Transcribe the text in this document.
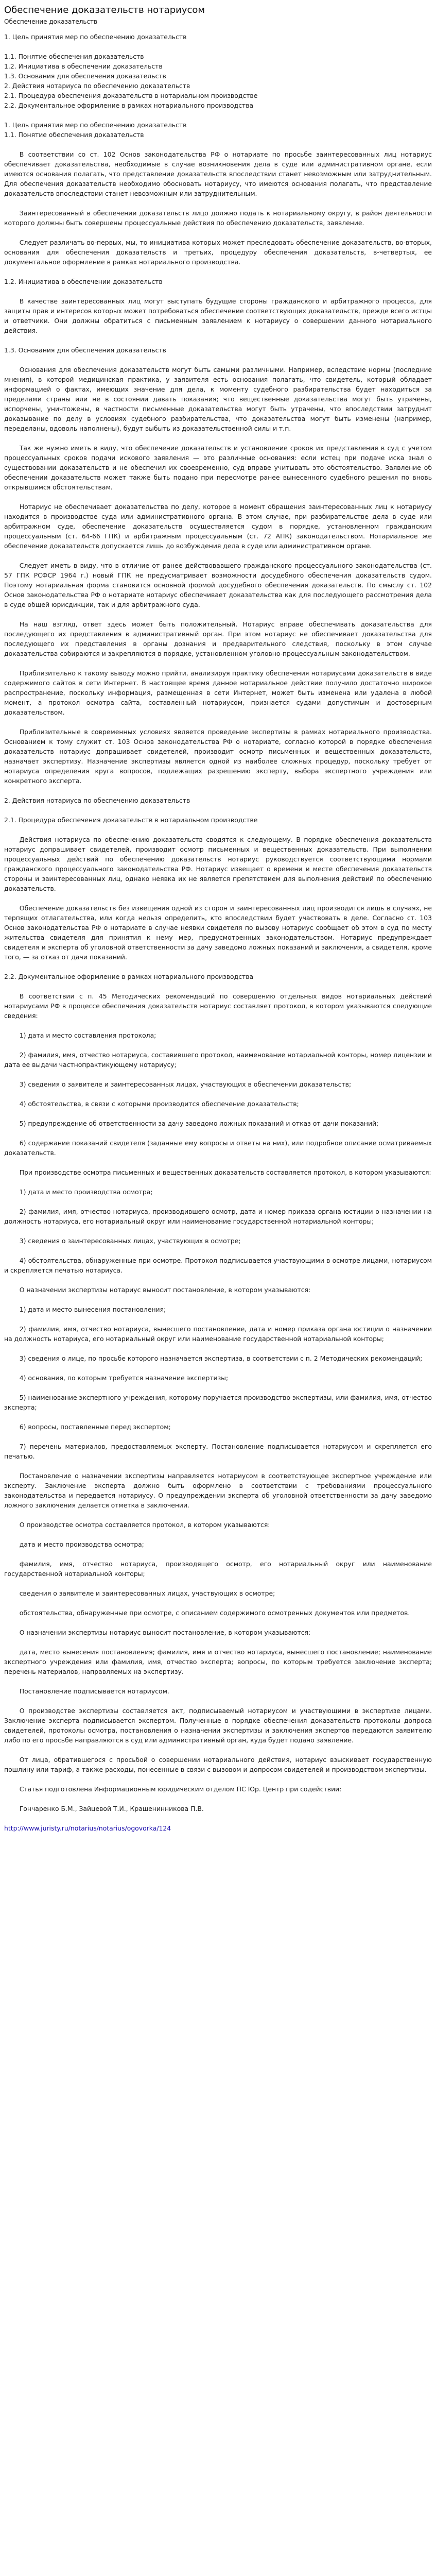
Обеспечение доказательств нотариусом
Обеспечение доказательств
1. Цель принятия мер по обеспечению доказательств
1.1. Понятие обеспечения доказательств
1.2. Инициатива в обеспечении доказательств
1.3. Основания для обеспечения доказательств
2. Действия нотариуса по обеспечению доказательств
2.1. Процедура обеспечения доказательств в нотариальном производстве
2.2. Документальное оформление в рамках нотариального производства
1. Цель принятия мер по обеспечению доказательств
1.1. Понятие обеспечения доказательств
В соответствии со ст. 102 Основ законодательства РФ о нотариате по просьбе заинтересованных лиц нотариус обеспечивает доказательства, необходимые в случае возникновения дела в суде или административном органе, если имеются основания полагать, что представление доказательств впоследствии станет невозможным или затруднительным. Для обеспечения доказательств необходимо обосновать нотариусу, что имеются основания полагать, что представление доказательств впоследствии станет невозможным или затруднительным.
Заинтересованный в обеспечении доказательств лицо должно подать к нотариальному округу, в район деятельности которого должны быть совершены процессуальные действия по обеспечению доказательств, заявление.
Следует различать во-первых, мы, то инициатива которых может преследовать обеспечение доказательств, во-вторых, основания для обеспечения доказательств и третьих, процедуру обеспечения доказательств, в-четвертых, ее документальное оформление в рамках нотариального производства.
1.2. Инициатива в обеспечении доказательств
В качестве заинтересованных лиц могут выступать будущие стороны гражданского и арбитражного процесса, для защиты прав и интересов которых может потребоваться обеспечение соответствующих доказательств, прежде всего истцы и ответчики. Они должны обратиться с письменным заявлением к нотариусу о совершении данного нотариального действия.
1.3. Основания для обеспечения доказательств
Основания для обеспечения доказательств могут быть самыми различными. Например, вследствие нормы (последние мнения), в которой медицинская практика, у заявителя есть основания полагать, что свидетель, который обладает информацией о фактах, имеющих значение для дела, к моменту судебного разбирательства будет находиться за пределами страны или не в состоянии давать показания; что вещественные доказательства могут быть утрачены, испорчены, уничтожены, в частности письменные доказательства могут быть утрачены, что впоследствии затруднит доказывание по делу в условиях судебного разбирательства, что доказательства могут быть изменены (например, переделаны, вдоволь наполнены), будут выбыть из доказательственной силы и т.п.
Так же нужно иметь в виду, что обеспечение доказательств и установление сроков их представления в суд с учетом процессуальных сроков подачи искового заявления — это различные основания: если истец при подаче иска знал о существовании доказательств и не обеспечил их своевременно, суд вправе учитывать это обстоятельство. Заявление об обеспечении доказательств может также быть подано при пересмотре ранее вынесенного судебного решения по вновь открывшимся обстоятельствам.
Нотариус не обеспечивает доказательства по делу, которое в момент обращения заинтересованных лиц к нотариусу находится в производстве суда или административного органа. В этом случае, при разбирательстве дела в суде или арбитражном суде, обеспечение доказательств осуществляется судом в порядке, установленном гражданским процессуальным (ст. 64-66 ГПК) и арбитражным процессуальным (ст. 72 АПК) законодательством. Нотариальное же обеспечение доказательств допускается лишь до возбуждения дела в суде или административном органе.
Следует иметь в виду, что в отличие от ранее действовавшего гражданского процессуального законодательства (ст. 57 ГПК РСФСР 1964 г.) новый ГПК не предусматривает возможности досудебного обеспечения доказательств судом. Поэтому нотариальная форма становится основной формой досудебного обеспечения доказательств. По смыслу ст. 102 Основ законодательства РФ о нотариате нотариус обеспечивает доказательства как для последующего рассмотрения дела в суде общей юрисдикции, так и для арбитражного суда.
На наш взгляд, ответ здесь может быть положительный. Нотариус вправе обеспечивать доказательства для последующего их представления в административный орган. При этом нотариус не обеспечивает доказательства для последующего их представления в органы дознания и предварительного следствия, поскольку в этом случае доказательства собираются и закрепляются в порядке, установленном уголовно-процессуальным законодательством.
Приблизительно к такому выводу можно прийти, анализируя практику обеспечения нотариусами доказательств в виде содержимого сайтов в сети Интернет. В настоящее время данное нотариальное действие получило достаточно широкое распространение, поскольку информация, размещенная в сети Интернет, может быть изменена или удалена в любой момент, а протокол осмотра сайта, составленный нотариусом, признается судами допустимым и достоверным доказательством.
Приблизительные в современных условиях является проведение экспертизы в рамках нотариального производства. Основанием к тому служит ст. 103 Основ законодательства РФ о нотариате, согласно которой в порядке обеспечения доказательств нотариус допрашивает свидетелей, производит осмотр письменных и вещественных доказательств, назначает экспертизу. Назначение экспертизы является одной из наиболее сложных процедур, поскольку требует от нотариуса определения круга вопросов, подлежащих разрешению эксперту, выбора экспертного учреждения или конкретного эксперта.
2. Действия нотариуса по обеспечению доказательств
2.1. Процедура обеспечения доказательств в нотариальном производстве
Действия нотариуса по обеспечению доказательств сводятся к следующему. В порядке обеспечения доказательств нотариус допрашивает свидетелей, производит осмотр письменных и вещественных доказательств. При выполнении процессуальных действий по обеспечению доказательств нотариус руководствуется соответствующими нормами гражданского процессуального законодательства РФ. Нотариус извещает о времени и месте обеспечения доказательств стороны и заинтересованных лиц, однако неявка их не является препятствием для выполнения действий по обеспечению доказательств.
Обеспечение доказательств без извещения одной из сторон и заинтересованных лиц производится лишь в случаях, не терпящих отлагательства, или когда нельзя определить, кто впоследствии будет участвовать в деле. Согласно ст. 103 Основ законодательства РФ о нотариате в случае неявки свидетеля по вызову нотариус сообщает об этом в суд по месту жительства свидетеля для принятия к нему мер, предусмотренных законодательством. Нотариус предупреждает свидетеля и эксперта об уголовной ответственности за дачу заведомо ложных показаний и заключения, а свидетеля, кроме того, — за отказ от дачи показаний.
2.2. Документальное оформление в рамках нотариального производства
В соответствии с п. 45 Методических рекомендаций по совершению отдельных видов нотариальных действий нотариусами РФ в процессе обеспечения доказательств нотариус составляет протокол, в котором указываются следующие сведения:
1) дата и место составления протокола;
2) фамилия, имя, отчество нотариуса, составившего протокол, наименование нотариальной конторы, номер лицензии и дата ее выдачи частнопрактикующему нотариусу;
3) сведения о заявителе и заинтересованных лицах, участвующих в обеспечении доказательств;
4) обстоятельства, в связи с которыми производится обеспечение доказательств;
5) предупреждение об ответственности за дачу заведомо ложных показаний и отказ от дачи показаний;
6) содержание показаний свидетеля (заданные ему вопросы и ответы на них), или подробное описание осматриваемых доказательств.
При производстве осмотра письменных и вещественных доказательств составляется протокол, в котором указываются:
1) дата и место производства осмотра;
2) фамилия, имя, отчество нотариуса, производившего осмотр, дата и номер приказа органа юстиции о назначении на должность нотариуса, его нотариальный округ или наименование государственной нотариальной конторы;
3) сведения о заинтересованных лицах, участвующих в осмотре;
4) обстоятельства, обнаруженные при осмотре. Протокол подписывается участвующими в осмотре лицами, нотариусом и скрепляется печатью нотариуса.
О назначении экспертизы нотариус выносит постановление, в котором указываются:
1) дата и место вынесения постановления;
2) фамилия, имя, отчество нотариуса, вынесшего постановление, дата и номер приказа органа юстиции о назначении на должность нотариуса, его нотариальный округ или наименование государственной нотариальной конторы;
3) сведения о лице, по просьбе которого назначается экспертиза, в соответствии с п. 2 Методических рекомендаций;
4) основания, по которым требуется назначение экспертизы;
5) наименование экспертного учреждения, которому поручается производство экспертизы, или фамилия, имя, отчество эксперта;
6) вопросы, поставленные перед экспертом;
7) перечень материалов, предоставляемых эксперту. Постановление подписывается нотариусом и скрепляется его печатью.
Постановление о назначении экспертизы направляется нотариусом в соответствующее экспертное учреждение или эксперту. Заключение эксперта должно быть оформлено в соответствии с требованиями процессуального законодательства и передается нотариусу. О предупреждении эксперта об уголовной ответственности за дачу заведомо ложного заключения делается отметка в заключении.
О производстве осмотра составляется протокол, в котором указываются:
дата и место производства осмотра;
фамилия, имя, отчество нотариуса, производящего осмотр, его нотариальный округ или наименование государственной нотариальной конторы;
сведения о заявителе и заинтересованных лицах, участвующих в осмотре;
обстоятельства, обнаруженные при осмотре, с описанием содержимого осмотренных документов или предметов.
О назначении экспертизы нотариус выносит постановление, в котором указываются:
дата, место вынесения постановления; фамилия, имя и отчество нотариуса, вынесшего постановление; наименование экспертного учреждения или фамилия, имя, отчество эксперта; вопросы, по которым требуется заключение эксперта; перечень материалов, направляемых на экспертизу.
Постановление подписывается нотариусом.
О производстве экспертизы составляется акт, подписываемый нотариусом и участвующими в экспертизе лицами. Заключение эксперта подписывается экспертом. Полученные в порядке обеспечения доказательств протоколы допроса свидетелей, протоколы осмотра, постановления о назначении экспертизы и заключения экспертов передаются заявителю либо по его просьбе направляются в суд или административный орган, куда будет подано заявление.
От лица, обратившегося с просьбой о совершении нотариального действия, нотариус взыскивает государственную пошлину или тариф, а также расходы, понесенные в связи с вызовом и допросом свидетелей и производством экспертизы.
Статья подготовлена Информационным юридическим отделом ПС Юр. Центр при содействии:
Гончаренко Б.М., Зайцевой Т.И., Крашенинникова П.В.
http://www.juristy.ru/notarius/notarius/ogovorka/124
